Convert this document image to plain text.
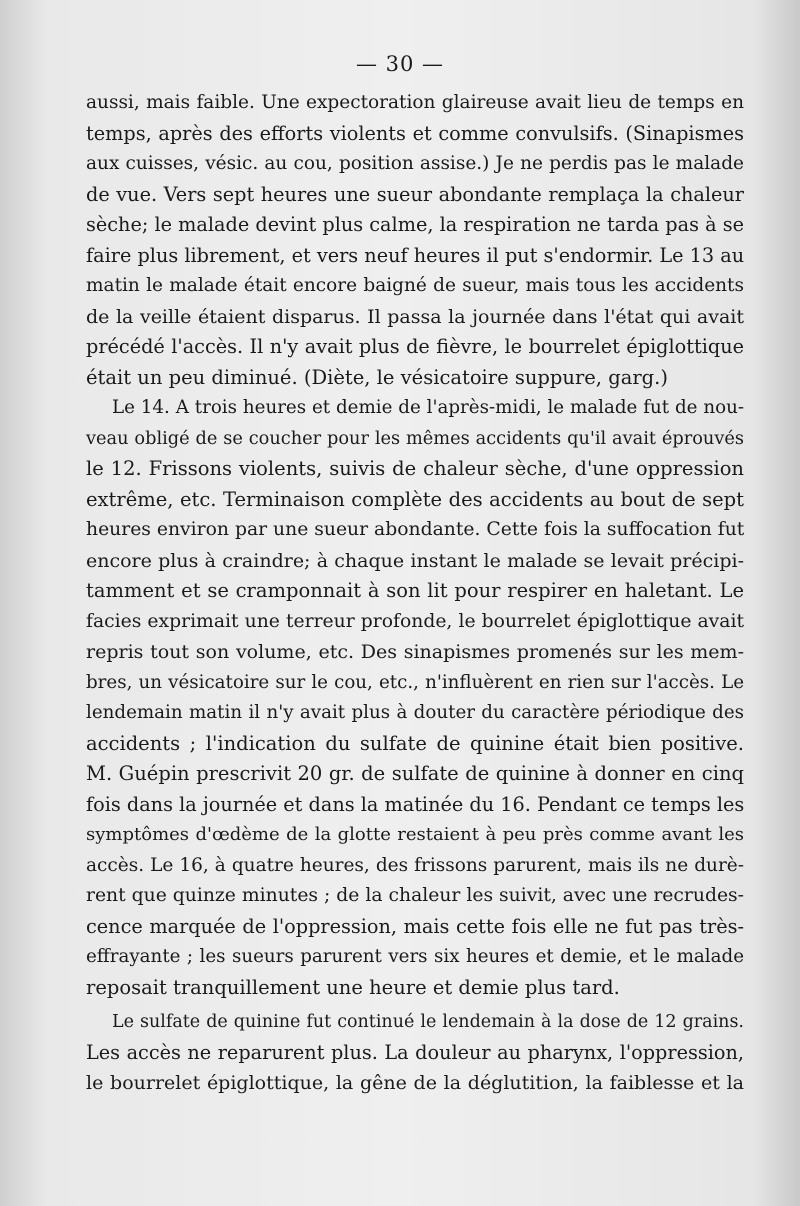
— 30 —
aussi, mais faible. Une expectoration glaireuse avait lieu de temps en
temps, après des efforts violents et comme convulsifs. (Sinapismes
aux cuisses, vésic. au cou, position assise.) Je ne perdis pas le malade
de vue. Vers sept heures une sueur abondante remplaça la chaleur
sèche; le malade devint plus calme, la respiration ne tarda pas à se
faire plus librement, et vers neuf heures il put s'endormir. Le 13 au
matin le malade était encore baigné de sueur, mais tous les accidents
de la veille étaient disparus. Il passa la journée dans l'état qui avait
précédé l'accès. Il n'y avait plus de fièvre, le bourrelet épiglottique
était un peu diminué. (Diète, le vésicatoire suppure, garg.)
Le 14. A trois heures et demie de l'après-midi, le malade fut de nou-
veau obligé de se coucher pour les mêmes accidents qu'il avait éprouvés
le 12. Frissons violents, suivis de chaleur sèche, d'une oppression
extrême, etc. Terminaison complète des accidents au bout de sept
heures environ par une sueur abondante. Cette fois la suffocation fut
encore plus à craindre; à chaque instant le malade se levait précipi-
tamment et se cramponnait à son lit pour respirer en haletant. Le
facies exprimait une terreur profonde, le bourrelet épiglottique avait
repris tout son volume, etc. Des sinapismes promenés sur les mem-
bres, un vésicatoire sur le cou, etc., n'influèrent en rien sur l'accès. Le
lendemain matin il n'y avait plus à douter du caractère périodique des
accidents ; l'indication du sulfate de quinine était bien positive.
M. Guépin prescrivit 20 gr. de sulfate de quinine à donner en cinq
fois dans la journée et dans la matinée du 16. Pendant ce temps les
symptômes d'œdème de la glotte restaient à peu près comme avant les
accès. Le 16, à quatre heures, des frissons parurent, mais ils ne durè-
rent que quinze minutes ; de la chaleur les suivit, avec une recrudes-
cence marquée de l'oppression, mais cette fois elle ne fut pas très-
effrayante ; les sueurs parurent vers six heures et demie, et le malade
reposait tranquillement une heure et demie plus tard.
Le sulfate de quinine fut continué le lendemain à la dose de 12 grains.
Les accès ne reparurent plus. La douleur au pharynx, l'oppression,
le bourrelet épiglottique, la gêne de la déglutition, la faiblesse et la
